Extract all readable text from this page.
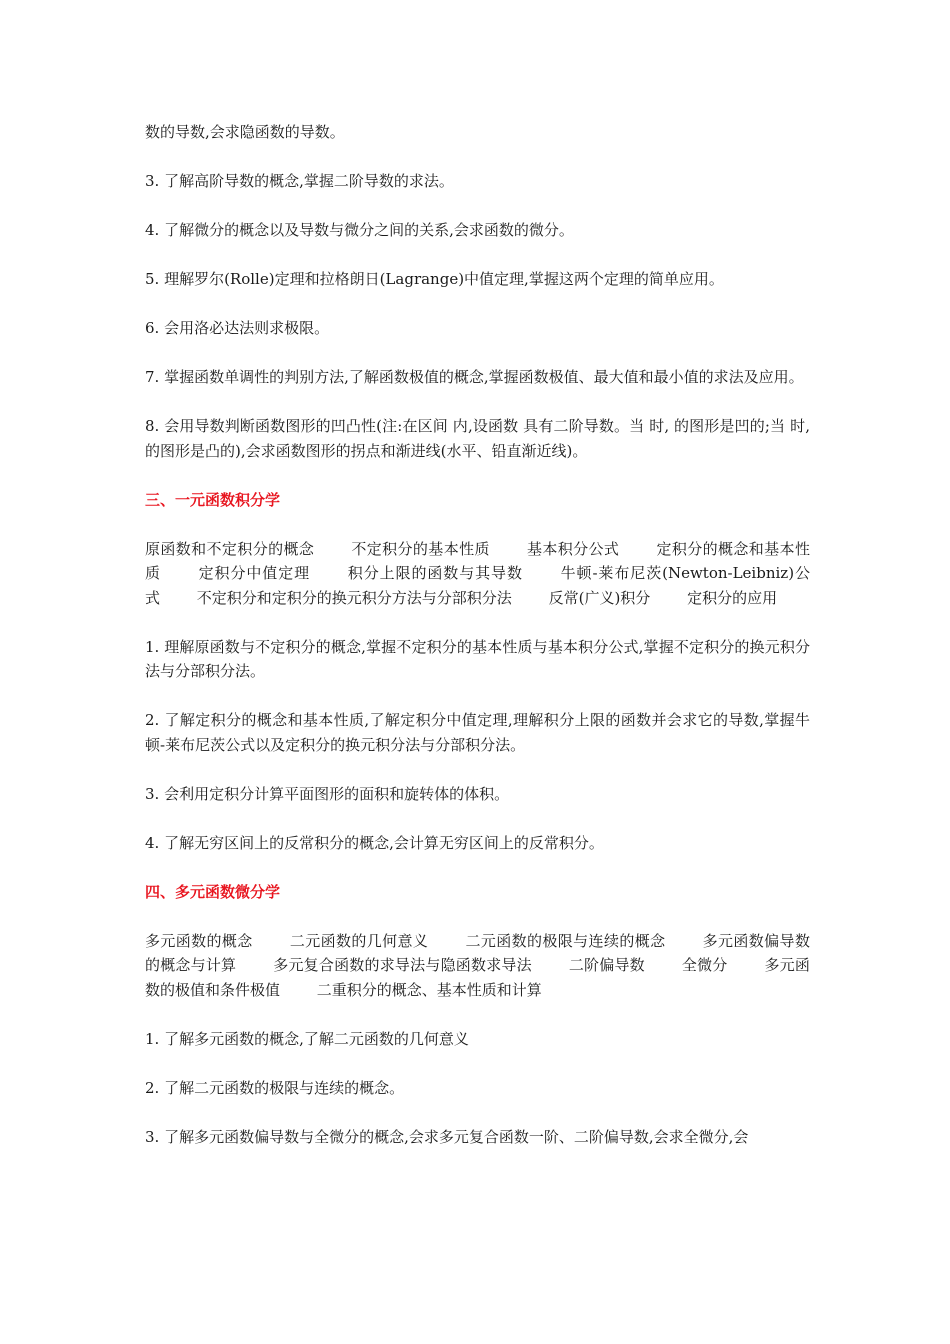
数的导数,会求隐函数的导数。

3. 了解高阶导数的概念,掌握二阶导数的求法。

4. 了解微分的概念以及导数与微分之间的关系,会求函数的微分。

5. 理解罗尔(Rolle)定理和拉格朗日(Lagrange)中值定理,掌握这两个定理的简单应用。

6. 会用洛必达法则求极限。

7. 掌握函数单调性的判别方法,了解函数极值的概念,掌握函数极值、最大值和最小值的求法及应用。

8. 会用导数判断函数图形的凹凸性(注:在区间 内,设函数 具有二阶导数。当 时, 的图形是凹的;当 时,的图形是凸的),会求函数图形的拐点和渐进线(水平、铅直渐近线)。

三、一元函数积分学

原函数和不定积分的概念 不定积分的基本性质 基本积分公式 定积分的概念和基本性质	定积分中值定理	积分上限的函数与其导数	牛顿-莱布尼茨(Newton-Leibniz)公式 不定积分和定积分的换元积分方法与分部积分法 反常(广义)积分 定积分的应用

1. 理解原函数与不定积分的概念,掌握不定积分的基本性质与基本积分公式,掌握不定积分的换元积分法与分部积分法。

2. 了解定积分的概念和基本性质,了解定积分中值定理,理解积分上限的函数并会求它的导数,掌握牛顿-莱布尼茨公式以及定积分的换元积分法与分部积分法。

3. 会利用定积分计算平面图形的面积和旋转体的体积。

4. 了解无穷区间上的反常积分的概念,会计算无穷区间上的反常积分。

四、多元函数微分学

多元函数的概念 二元函数的几何意义 二元函数的极限与连续的概念 多元函数偏导数的概念与计算 多元复合函数的求导法与隐函数求导法 二阶偏导数 全微分 多元函数的极值和条件极值 二重积分的概念、基本性质和计算

1. 了解多元函数的概念,了解二元函数的几何意义

2. 了解二元函数的极限与连续的概念。

3. 了解多元函数偏导数与全微分的概念,会求多元复合函数一阶、二阶偏导数,会求全微分,会
